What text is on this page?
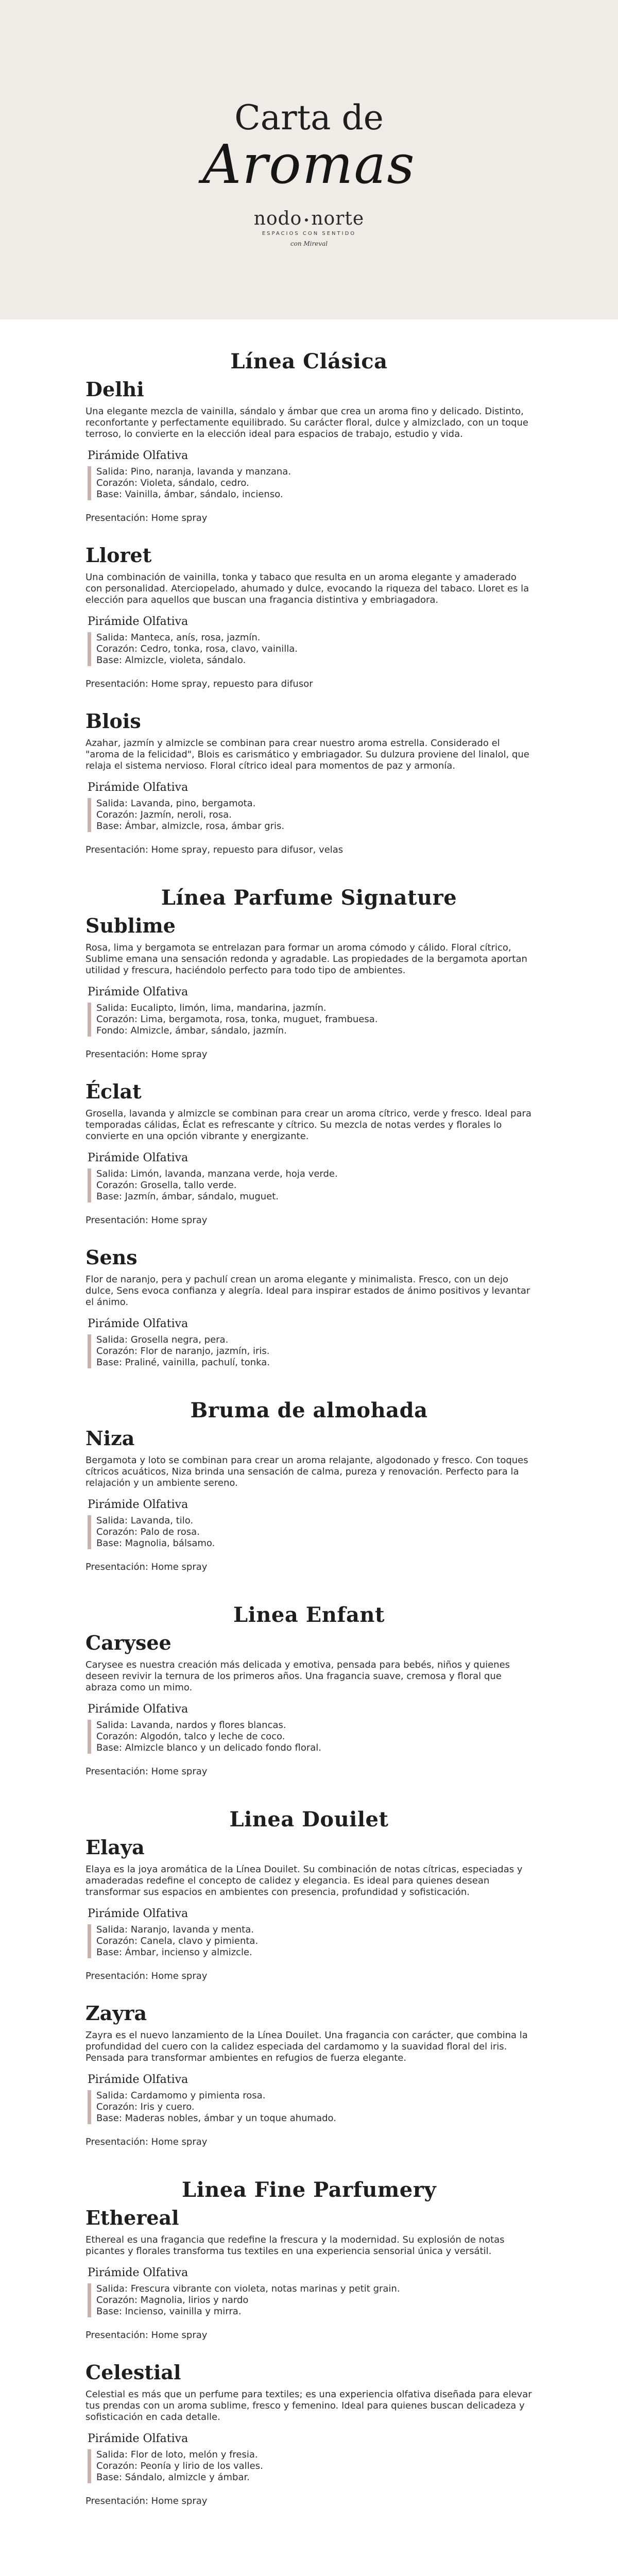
Carta de
Aromas
nodo norte
ESPACIOS CON SENTIDO
con Mireval
Línea Clásica
Delhi

Una elegante mezcla de vainilla, sándalo y ámbar que crea un aroma fino y delicado. Distinto, reconfortante y perfectamente equilibrado. Su carácter floral, dulce y almizclado, con un toque terroso, lo convierte en la elección ideal para espacios de trabajo, estudio y vida.

Pirámide Olfativa
Salida: Pino, naranja, lavanda y manzana.
Corazón: Violeta, sándalo, cedro.
Base: Vainilla, ámbar, sándalo, incienso.

Presentación: Home spray

Lloret

Una combinación de vainilla, tonka y tabaco que resulta en un aroma elegante y amaderado con personalidad. Aterciopelado, ahumado y dulce, evocando la riqueza del tabaco. Lloret es la elección para aquellos que buscan una fragancia distintiva y embriagadora.

Pirámide Olfativa
Salida: Manteca, anís, rosa, jazmín.
Corazón: Cedro, tonka, rosa, clavo, vainilla.
Base: Almizcle, violeta, sándalo.

Presentación: Home spray, repuesto para difusor

Blois

Azahar, jazmín y almizcle se combinan para crear nuestro aroma estrella. Considerado el "aroma de la felicidad", Blois es carismático y embriagador. Su dulzura proviene del linalol, que relaja el sistema nervioso. Floral cítrico ideal para momentos de paz y armonía.

Pirámide Olfativa
Salida: Lavanda, pino, bergamota.
Corazón: Jazmín, neroli, rosa.
Base: Ámbar, almizcle, rosa, ámbar gris.

Presentación: Home spray, repuesto para difusor, velas

Línea Parfume Signature
Sublime

Rosa, lima y bergamota se entrelazan para formar un aroma cómodo y cálido. Floral cítrico, Sublime emana una sensación redonda y agradable. Las propiedades de la bergamota aportan utilidad y frescura, haciéndolo perfecto para todo tipo de ambientes.

Pirámide Olfativa
Salida: Eucalipto, limón, lima, mandarina, jazmín.
Corazón: Lima, bergamota, rosa, tonka, muguet, frambuesa.
Fondo: Almizcle, ámbar, sándalo, jazmín.

Presentación: Home spray

Éclat

Grosella, lavanda y almizcle se combinan para crear un aroma cítrico, verde y fresco. Ideal para temporadas cálidas, Éclat es refrescante y cítrico. Su mezcla de notas verdes y florales lo convierte en una opción vibrante y energizante.

Pirámide Olfativa
Salida: Limón, lavanda, manzana verde, hoja verde.
Corazón: Grosella, tallo verde.
Base: Jazmín, ámbar, sándalo, muguet.

Presentación: Home spray

Sens

Flor de naranjo, pera y pachulí crean un aroma elegante y minimalista. Fresco, con un dejo dulce, Sens evoca confianza y alegría. Ideal para inspirar estados de ánimo positivos y levantar el ánimo.

Pirámide Olfativa
Salida: Grosella negra, pera.
Corazón: Flor de naranjo, jazmín, iris.
Base: Praliné, vainilla, pachulí, tonka.
Bruma de almohada
Niza

Bergamota y loto se combinan para crear un aroma relajante, algodonado y fresco. Con toques cítricos acuáticos, Niza brinda una sensación de calma, pureza y renovación. Perfecto para la relajación y un ambiente sereno.

Pirámide Olfativa
Salida: Lavanda, tilo.
Corazón: Palo de rosa.
Base: Magnolia, bálsamo.

Presentación: Home spray

Linea Enfant
Carysee

Carysee es nuestra creación más delicada y emotiva, pensada para bebés, niños y quienes deseen revivir la ternura de los primeros años. Una fragancia suave, cremosa y floral que abraza como un mimo.

Pirámide Olfativa
Salida: Lavanda, nardos y flores blancas.
Corazón: Algodón, talco y leche de coco.
Base: Almizcle blanco y un delicado fondo floral.

Presentación: Home spray

Linea Douilet
Elaya

Elaya es la joya aromática de la Línea Douilet. Su combinación de notas cítricas, especiadas y amaderadas redefine el concepto de calidez y elegancia. Es ideal para quienes desean transformar sus espacios en ambientes con presencia, profundidad y sofisticación.

Pirámide Olfativa
Salida: Naranjo, lavanda y menta.
Corazón: Canela, clavo y pimienta.
Base: Ámbar, incienso y almizcle.

Presentación: Home spray

Zayra

Zayra es el nuevo lanzamiento de la Línea Douilet. Una fragancia con carácter, que combina la profundidad del cuero con la calidez especiada del cardamomo y la suavidad floral del iris. Pensada para transformar ambientes en refugios de fuerza elegante.

Pirámide Olfativa
Salida: Cardamomo y pimienta rosa.
Corazón: Iris y cuero.
Base: Maderas nobles, ámbar y un toque ahumado.

Presentación: Home spray

Linea Fine Parfumery
Ethereal

Ethereal es una fragancia que redefine la frescura y la modernidad. Su explosión de notas picantes y florales transforma tus textiles en una experiencia sensorial única y versátil.

Pirámide Olfativa
Salida: Frescura vibrante con violeta, notas marinas y petit grain.
Corazón: Magnolia, lirios y nardo
Base: Incienso, vainilla y mirra.

Presentación: Home spray

Celestial

Celestial es más que un perfume para textiles; es una experiencia olfativa diseñada para elevar tus prendas con un aroma sublime, fresco y femenino. Ideal para quienes buscan delicadeza y sofisticación en cada detalle.

Pirámide Olfativa
Salida: Flor de loto, melón y fresia.
Corazón: Peonía y lirio de los valles.
Base: Sándalo, almizcle y ámbar.

Presentación: Home spray
